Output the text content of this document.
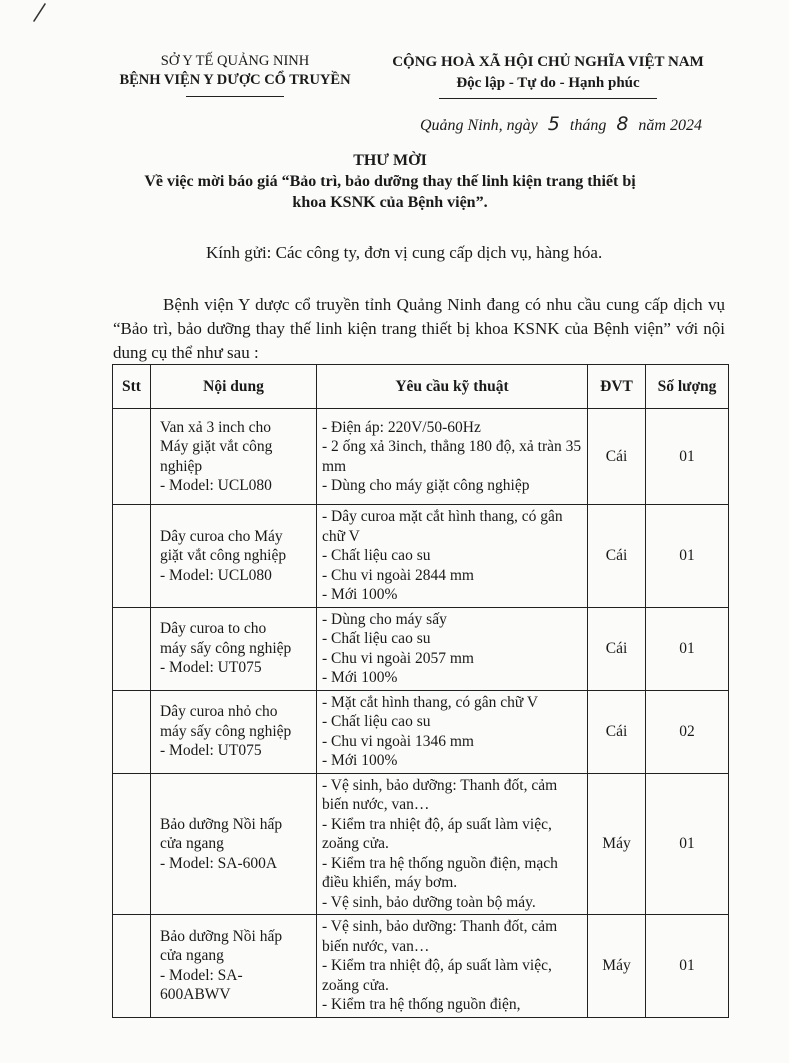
SỞ Y TẾ QUẢNG NINH
BỆNH VIỆN Y DƯỢC CỔ TRUYỀN
CỘNG HOÀ XÃ HỘI CHỦ NGHĨA VIỆT NAM
Độc lập - Tự do - Hạnh phúc
Quảng Ninh, ngày 5 tháng 8 năm 2024
THƯ MỜI
Về việc mời báo giá “Bảo trì, bảo dưỡng thay thế linh kiện trang thiết bị
khoa KSNK của Bệnh viện”.
Kính gửi: Các công ty, đơn vị cung cấp dịch vụ, hàng hóa.
Bệnh viện Y dược cổ truyền tỉnh Quảng Ninh đang có nhu cầu cung cấp dịch vụ “Bảo trì, bảo dưỡng thay thế linh kiện trang thiết bị khoa KSNK của Bệnh viện” với nội dung cụ thể như sau :
Stt	Nội dung	Yêu cầu kỹ thuật	ĐVT	Số lượng

	Van xả 3 inch cho
Máy giặt vắt công
nghiệp
- Model: UCL080	- Điện áp: 220V/50-60Hz
- 2 ống xả 3inch, thẳng 180 độ, xả tràn 35 mm
- Dùng cho máy giặt công nghiệp	Cái	01

	Dây curoa cho Máy
giặt vắt công nghiệp
- Model: UCL080	- Dây curoa mặt cắt hình thang, có gân chữ V
- Chất liệu cao su
- Chu vi ngoài 2844 mm
- Mới 100%	Cái	01

	Dây curoa to cho
máy sấy công nghiệp
- Model: UT075	- Dùng cho máy sấy
- Chất liệu cao su
- Chu vi ngoài 2057 mm
- Mới 100%	Cái	01

	Dây curoa nhỏ cho
máy sấy công nghiệp
- Model: UT075	- Mặt cắt hình thang, có gân chữ V
- Chất liệu cao su
- Chu vi ngoài 1346 mm
- Mới 100%	Cái	02

	Bảo dưỡng Nồi hấp
cửa ngang
- Model: SA-600A	- Vệ sinh, bảo dưỡng: Thanh đốt, cảm biến nước, van…
- Kiểm tra nhiệt độ, áp suất làm việc, zoăng cửa.
- Kiểm tra hệ thống nguồn điện, mạch điều khiển, máy bơm.
- Vệ sinh, bảo dưỡng toàn bộ máy.	Máy	01

	Bảo dưỡng Nồi hấp
cửa ngang
- Model: SA-
600ABWV	- Vệ sinh, bảo dưỡng: Thanh đốt, cảm biến nước, van…
- Kiểm tra nhiệt độ, áp suất làm việc, zoăng cửa.
- Kiểm tra hệ thống nguồn điện,	Máy	01
